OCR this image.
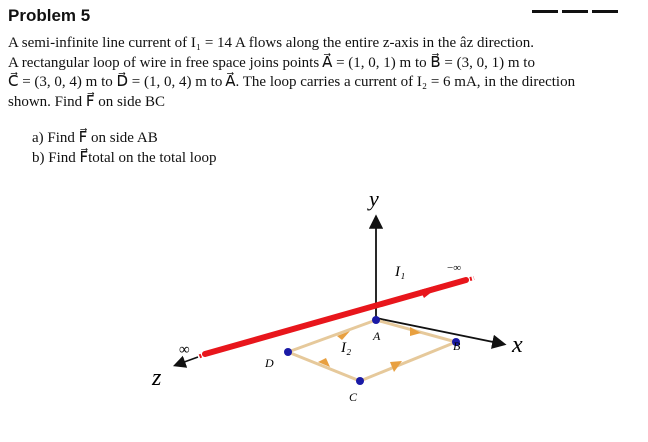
Problem 5
A semi-infinite line current of I₁ = 14 A flows along the entire z-axis in the âz direction.
A rectangular loop of wire in free space joins points A⃗ = (1, 0, 1) m to B⃗ = (3, 0, 1) m to
C⃗ = (3, 0, 4) m to D⃗ = (1, 0, 4) m to A⃗. The loop carries a current of I₂ = 6 mA, in the direction
shown. Find F⃗ on side BC
a) Find F⃗ on side AB
b) Find F⃗total on the total loop
y
x
z
I₁
I₂
−∞
∞
A⃗
B⃗
C⃗
D⃗
